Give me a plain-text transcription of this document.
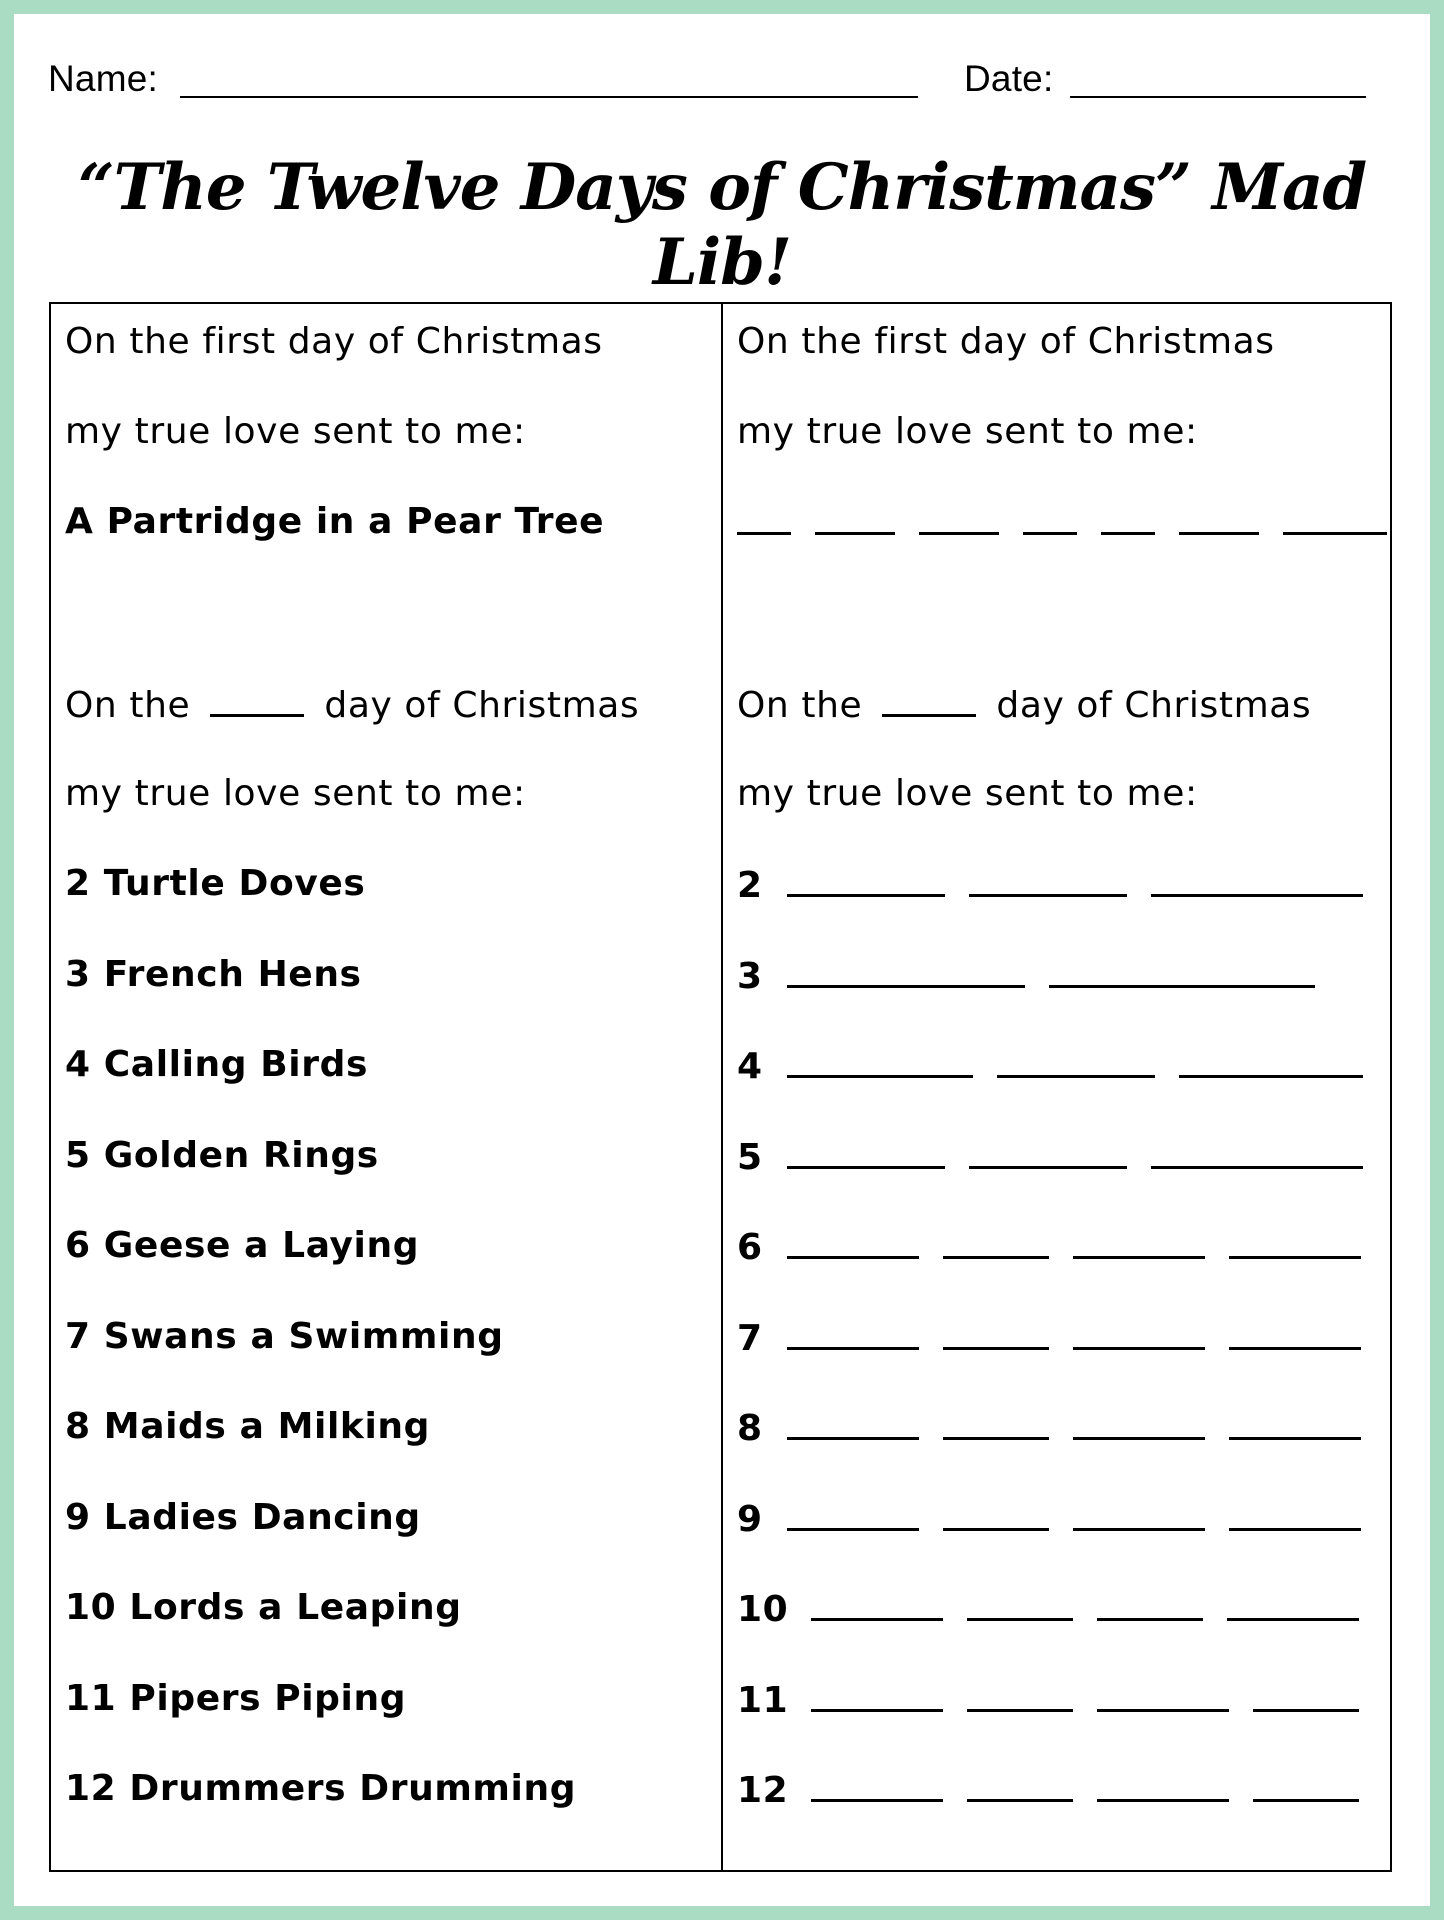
Name:	Date:
“The Twelve Days of Christmas” Mad Lib!
On the first day of Christmas
my true love sent to me:
A Partridge in a Pear Tree
On the	day of Christmas
my true love sent to me:
2 Turtle Doves
3 French Hens
4 Calling Birds
5 Golden Rings
6 Geese a Laying
7 Swans a Swimming
8 Maids a Milking
9 Ladies Dancing
10 Lords a Leaping
11 Pipers Piping
12 Drummers Drumming
On the first day of Christmas
my true love sent to me:

On the	day of Christmas
my true love sent to me:
2
3
4
5
6
7
8
9
10
11
12
